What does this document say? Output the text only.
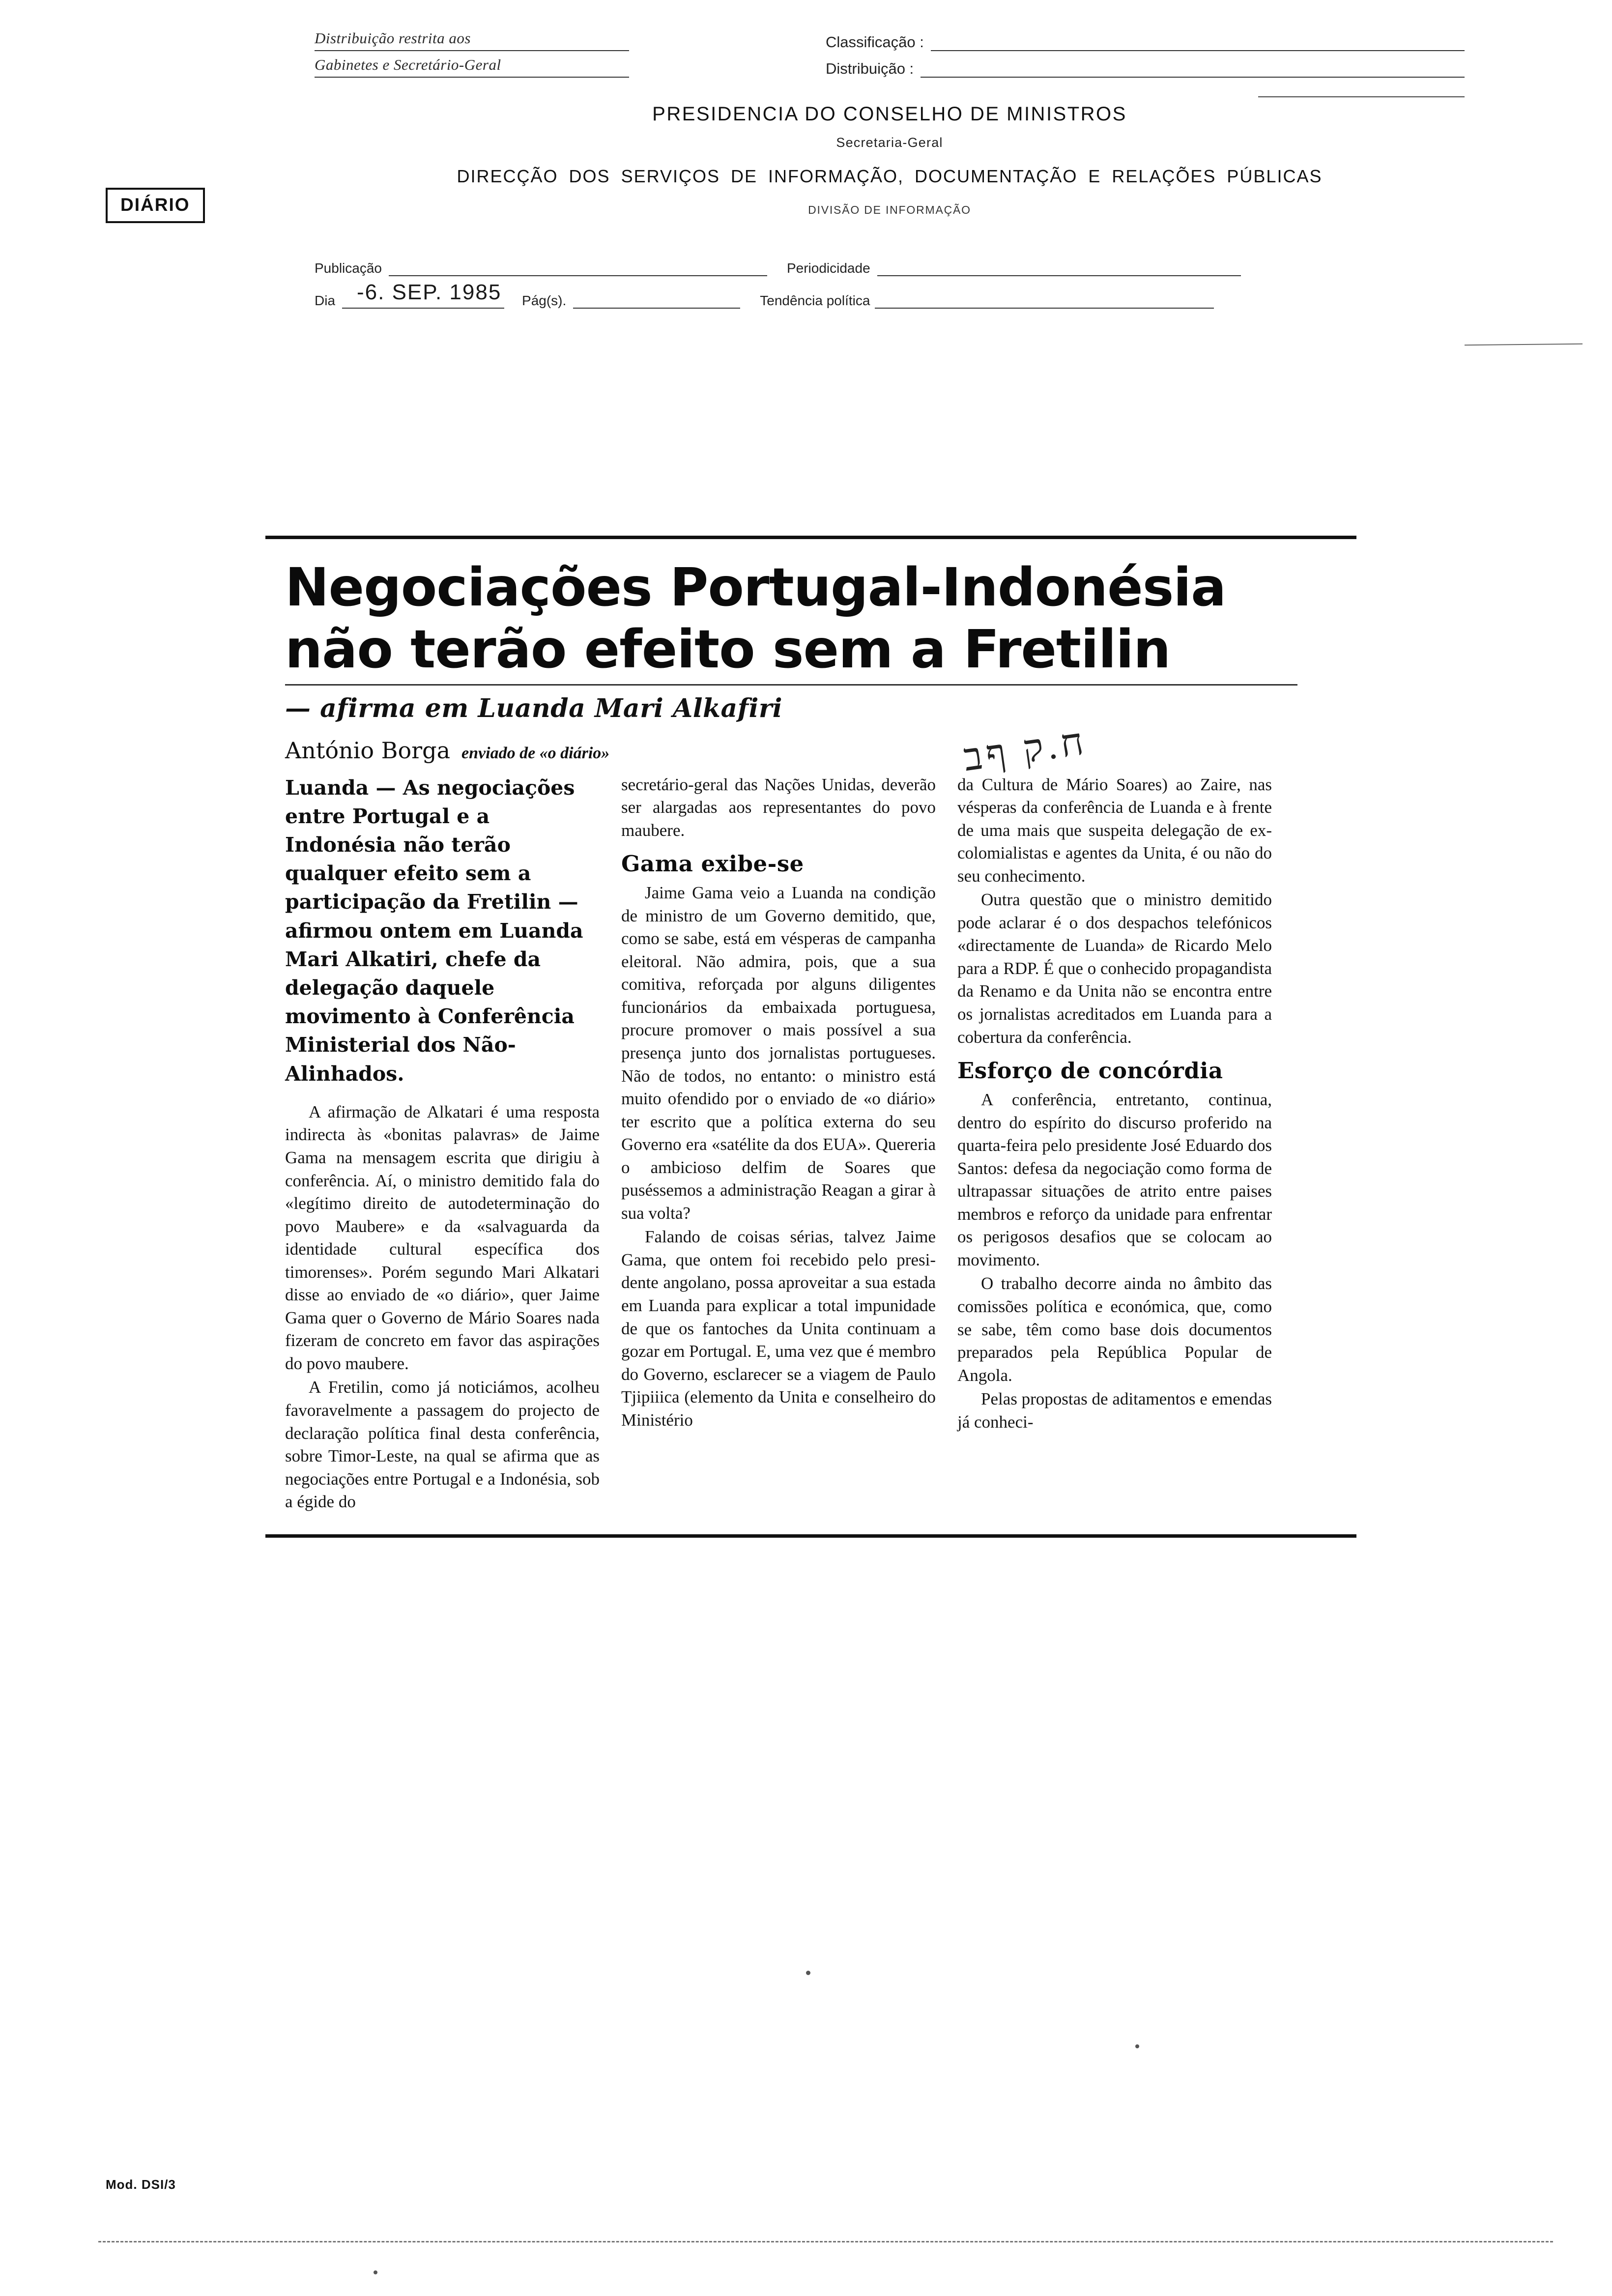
Distribuição restrita aos	Classificação :
Gabinetes e Secretário-Geral	Distribuição :
PRESIDENCIA DO CONSELHO DE MINISTROS
Secretaria-Geral
DIRECÇÃO DOS SERVIÇOS DE INFORMAÇÃO, DOCUMENTAÇÃO E RELAÇÕES PÚBLICAS
DIVISÃO DE INFORMAÇÃO
Publicação	Periodicidade
Dia -6. SEP. 1985 Pág(s).	Tendência política
DIÁRIO
Negociações Portugal-Indonésia
não terão efeito sem a Fretilin
— afirma em Luanda Mari Alkafiri
António Borga enviado de «o diário»
Luanda — As negociações entre Portugal e a Indonésia não terão qualquer efeito sem a participação da Fretilin — afirmou ontem em Luanda Mari Alkatiri, chefe da delegação daquele movimento à Conferência Ministerial dos Não-Alinhados.

A afirmação de Alkatari é uma resposta indirecta às «bonitas palavras» de Jaime Gama na mensagem escrita que dirigiu à conferência. Aí, o ministro demitido fala do «legítimo direito de autodeterminação do povo Maubere» e da «salvaguarda da identidade cultural específica dos timorenses». Porém segundo Mari Alkatari disse ao enviado de «o diário», quer Jaime Gama quer o Governo de Mário Soares nada fizeram de concreto em favor das aspirações do povo maubere.

A Fretilin, como já noticiámos, acolheu favoravelmente a passagem do projecto de declaração política final desta conferência, sobre Timor-Leste, na qual se afirma que as negociações entre Portugal e a Indonésia, sob a égide do

secretário-geral das Nações Unidas, deverão ser alargadas aos representantes do povo maubere.

Gama exibe-se

Jaime Gama veio a Luanda na condição de ministro de um Governo demitido, que, como se sabe, está em vésperas de campanha eleitoral. Não admira, pois, que a sua comitiva, reforçada por alguns diligentes funcionários da embaixada portuguesa, procure promover o mais possível a sua presença junto dos jornalistas portugueses. Não de todos, no entanto: o ministro está muito ofendido por o enviado de «o diário» ter escrito que a política externa do seu Governo era «satélite da dos EUA». Quereria o ambicioso delfim de Soares que puséssemos a administração Reagan a girar à sua volta?

Falando de coisas sérias, talvez Jaime Gama, que ontem foi recebido pelo presidente angolano, possa aproveitar a sua estada em Luanda para explicar a total impunidade de que os fantoches da Unita continuam a gozar em Portugal. E, uma vez que é membro do Governo, esclarecer se a viagem de Paulo Tjipiiica (elemento da Unita e conselheiro do Ministério

da Cultura de Mário Soares) ao Zaire, nas vésperas da conferência de Luanda e à frente de uma mais que suspeita delegação de ex-colomialistas e agentes da Unita, é ou não do seu conhecimento.

Outra questão que o ministro demitido pode aclarar é o dos despachos telefónicos «directamente de Luanda» de Ricardo Melo para a RDP. É que o conhecido propagandista da Renamo e da Unita não se encontra entre os jornalistas acreditados em Luanda para a cobertura da conferência.

Esforço de concórdia

A conferência, entretanto, continua, dentro do espírito do discurso proferido na quarta-feira pelo presidente José Eduardo dos Santos: defesa da negociação como forma de ultrapassar situações de atrito entre paises membros e reforço da unidade para enfrentar os perigosos desafios que se colocam ao movimento.

O trabalho decorre ainda no âmbito das comissões política e económica, que, como se sabe, têm como base dois documentos preparados pela República Popular de Angola.

Pelas propostas de aditamentos e emendas já conheci-

ח.ק ףב
Mod. DSI/3
